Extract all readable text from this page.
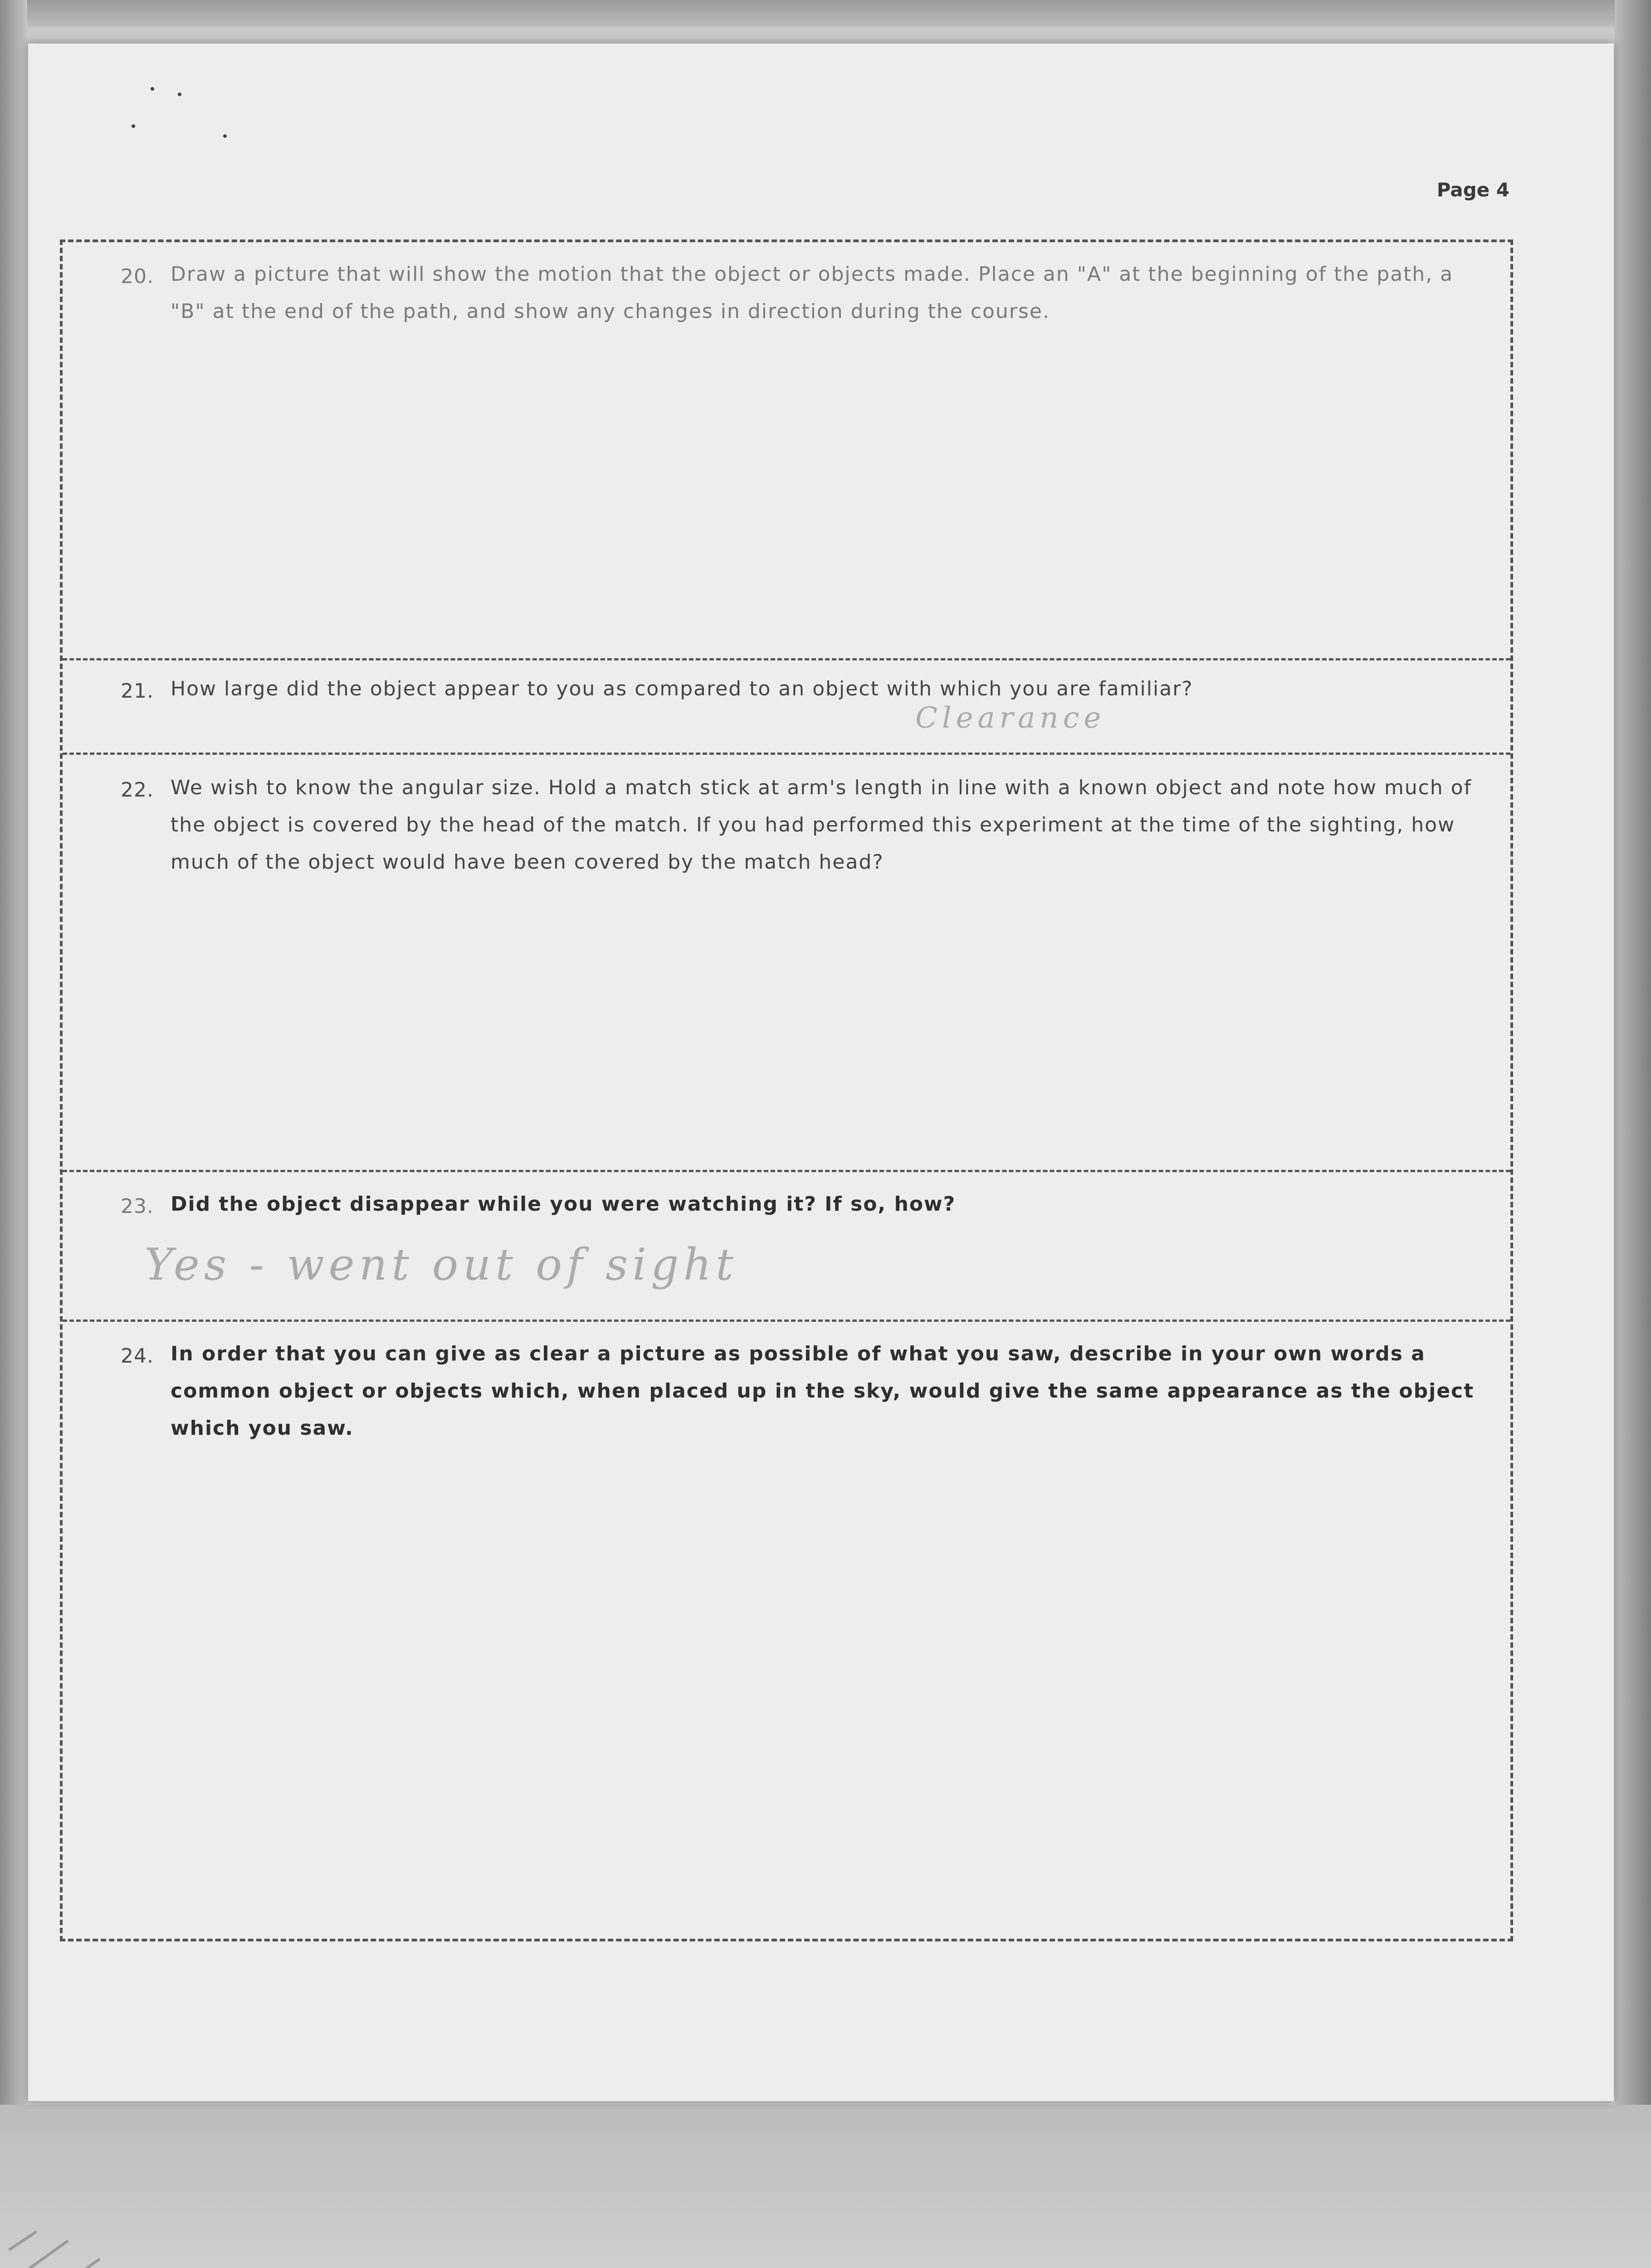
Page 4
20. Draw a picture that will show the motion that the object or objects made. Place an "A" at the beginning of the path, a "B" at the end of the path, and show any changes in direction during the course.
21. How large did the object appear to you as compared to an object with which you are familiar?
Clearance
22. We wish to know the angular size. Hold a match stick at arm's length in line with a known object and note how much of the object is covered by the head of the match. If you had performed this experiment at the time of the sighting, how much of the object would have been covered by the match head?
23. Did the object disappear while you were watching it? If so, how?
Yes - went out of sight
24. In order that you can give as clear a picture as possible of what you saw, describe in your own words a common object or objects which, when placed up in the sky, would give the same appearance as the object which you saw.
